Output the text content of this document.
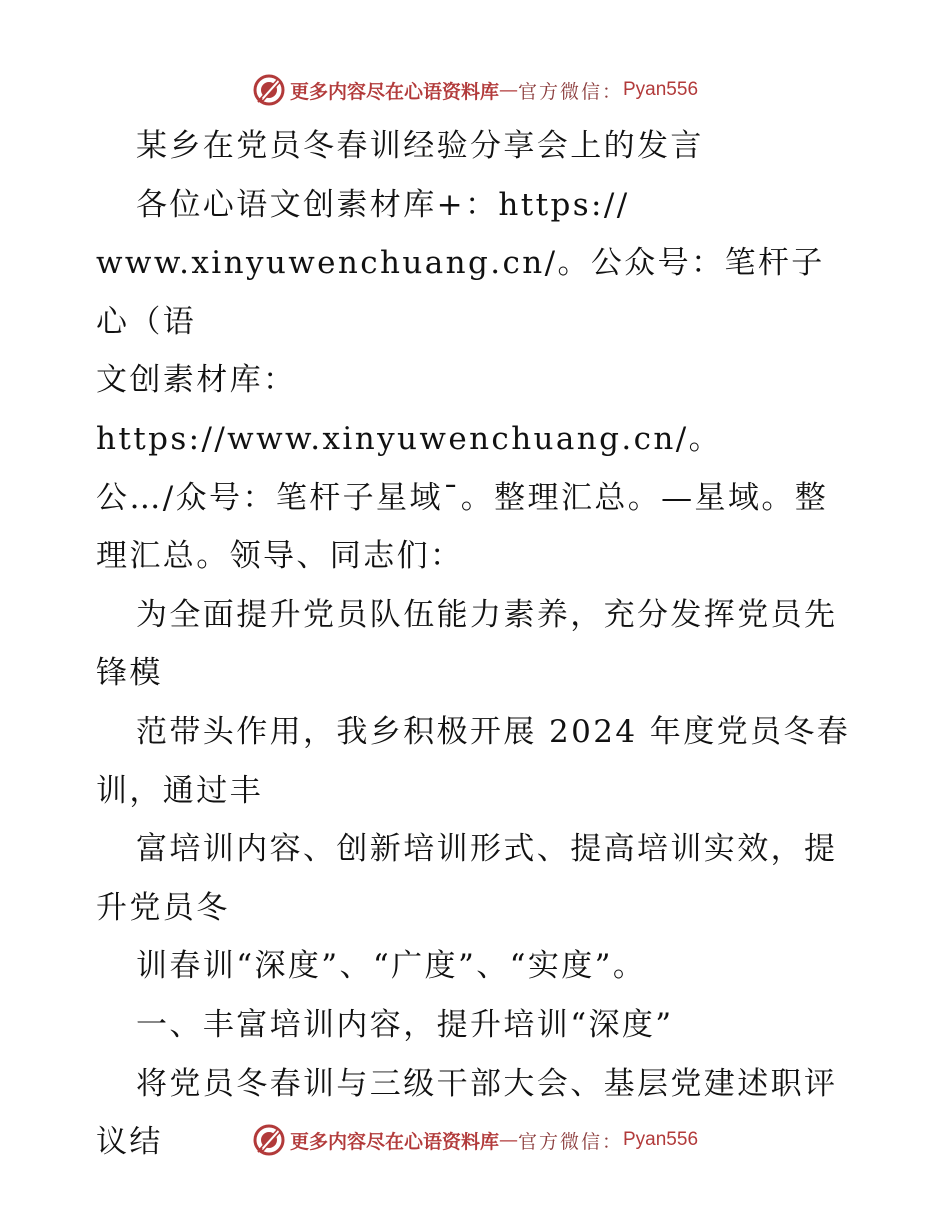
更多内容尽在心语资料库 — 官方微信： Pyan556

某乡在党员冬春训经验分享会上的发言

各位心语文创素材库+：https://

www.xinyuwenchuang.cn/。公众号：笔杆子心（语

文创素材库：https://www.xinyuwenchuang.cn/。

公…/众号：笔杆子星域¯。整理汇总。—星域。整

理汇总。领导、同志们：

为全面提升党员队伍能力素养，充分发挥党员先

锋模

范带头作用，我乡积极开展 2024 年度党员冬春

训，通过丰

富培训内容、创新培训形式、提高培训实效，提

升党员冬

训春训“深度”、“广度”、“实度”。

一、丰富培训内容，提升培训“深度”

将党员冬春训与三级干部大会、基层党建述职评

议结	更多内容尽在心语资料库 — 官方微信： Pyan556
